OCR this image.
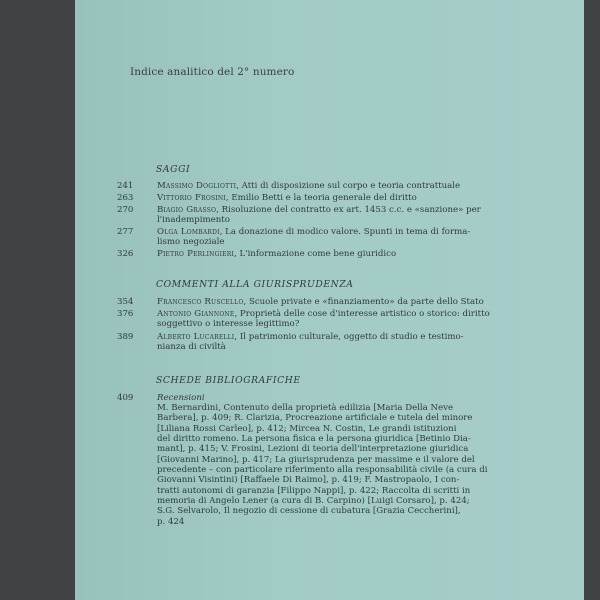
Indice analitico del 2° numero
SAGGI
241	Massimo Dogliotti, Atti di disposizione sul corpo e teoria contrattuale
263	Vittorio Frosini, Emilio Betti e la teoria generale del diritto
270	Biagio Grasso, Risoluzione del contratto ex art. 1453 c.c. e «sanzione» per
l'inadempimento
277	Olga Lombardi, La donazione di modico valore. Spunti in tema di forma-
lismo negoziale
326	Pietro Perlingieri, L'informazione come bene giuridico
COMMENTI ALLA GIURISPRUDENZA
354	Francesco Ruscello, Scuole private e «finanziamento» da parte dello Stato
376	Antonio Giannone, Proprietà delle cose d'interesse artistico o storico: diritto
soggettivo o interesse legittimo?
389	Alberto Lucarelli, Il patrimonio culturale, oggetto di studio e testimo-
nianza di civiltà
SCHEDE BIBLIOGRAFICHE
409	Recensioni
M. Bernardini, Contenuto della proprietà edilizia [Maria Della Neve
Barbera], p. 409; R. Clarizia, Procreazione artificiale e tutela del minore
[Liliana Rossi Carleo], p. 412; Mircea N. Costin, Le grandi istituzioni
del diritto romeno. La persona fisica e la persona giuridica [Betinio Dia-
mant], p. 415; V. Frosini, Lezioni di teoria dell'interpretazione giuridica
[Giovanni Marino], p. 417; La giurisprudenza per massime e il valore del
precedente – con particolare riferimento alla responsabilità civile (a cura di
Giovanni Visintini) [Raffaele Di Raimo], p. 419; F. Mastropaolo, I con-
tratti autonomi di garanzia [Filippo Nappi], p. 422; Raccolta di scritti in
memoria di Angelo Lener (a cura di B. Carpino) [Luigi Corsaro], p. 424;
S.G. Selvarolo, Il negozio di cessione di cubatura [Grazia Ceccherini],
p. 424
